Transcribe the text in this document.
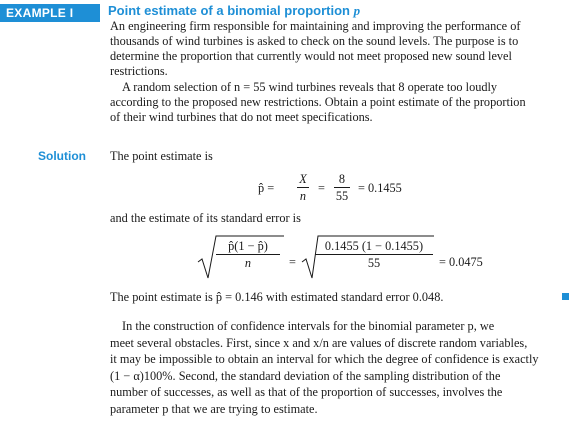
EXAMPLE I	Point estimate of a binomial proportion p
An engineering firm responsible for maintaining and improving the performance of
thousands of wind turbines is asked to check on the sound levels. The purpose is to
determine the proportion that currently would not meet proposed new sound level
restrictions.
A random selection of n = 55 wind turbines reveals that 8 operate too loudly
according to the proposed new restrictions. Obtain a point estimate of the proportion
of their wind turbines that do not meet specifications.
Solution The point estimate is
p̂ =
X
n
=
8
55
= 0.1455
and the estimate of its standard error is
p̂(1 − p̂)
n	=
0.1455 (1 − 0.1455)
55	= 0.0475
The point estimate is p̂ = 0.146 with estimated standard error 0.048.
In the construction of confidence intervals for the binomial parameter p, we
meet several obstacles. First, since x and x/n are values of discrete random variables,
it may be impossible to obtain an interval for which the degree of confidence is exactly
(1 − α)100%. Second, the standard deviation of the sampling distribution of the
number of successes, as well as that of the proportion of successes, involves the
parameter p that we are trying to estimate.
